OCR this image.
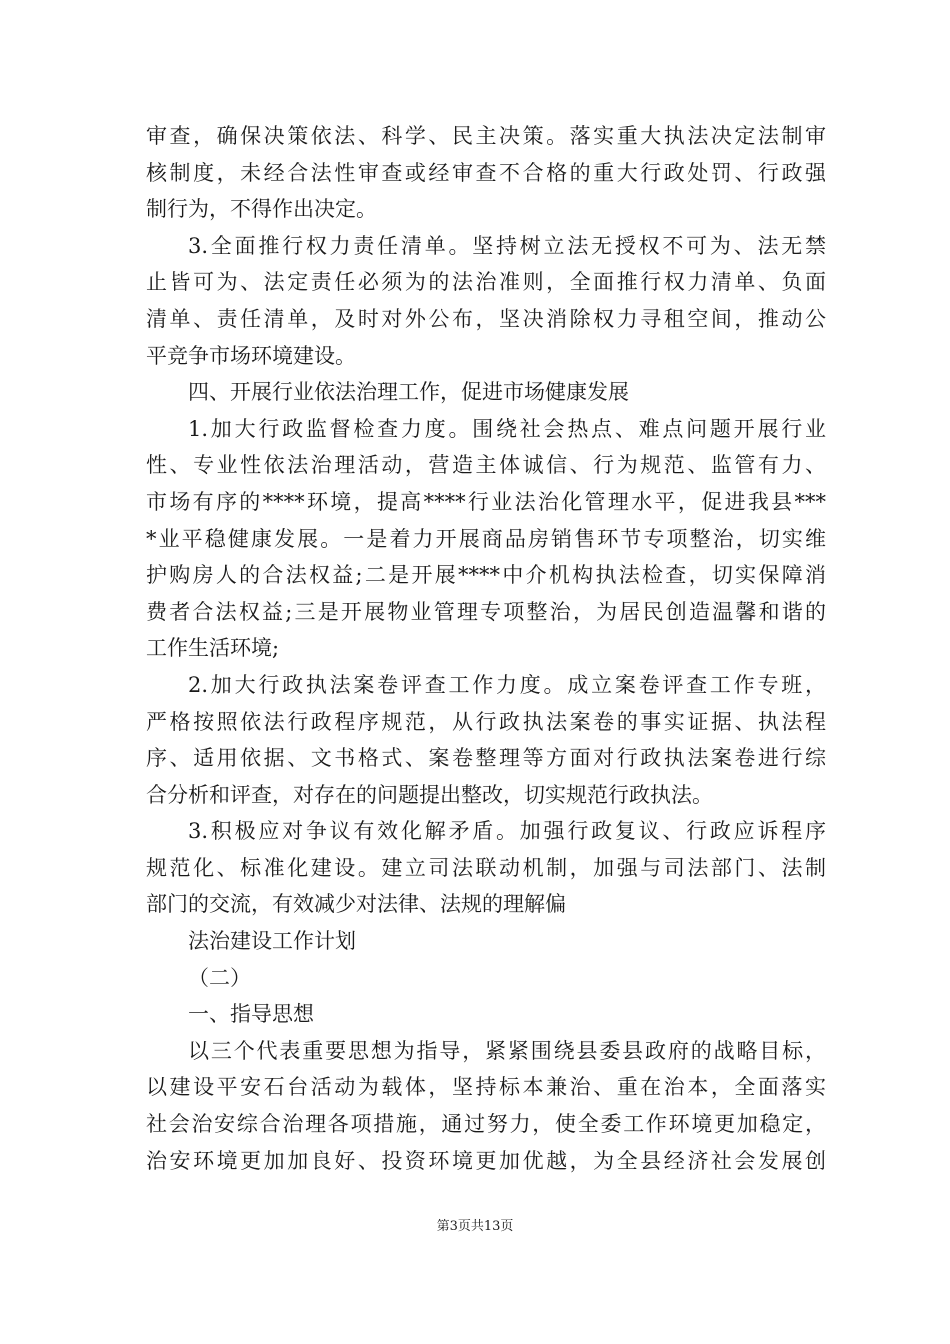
审查，确保决策依法、科学、民主决策。落实重大执法决定法制审
核制度，未经合法性审查或经审查不合格的重大行政处罚、行政强
制行为，不得作出决定。
3.全面推行权力责任清单。坚持树立法无授权不可为、法无禁
止皆可为、法定责任必须为的法治准则，全面推行权力清单、负面
清单、责任清单，及时对外公布，坚决消除权力寻租空间，推动公
平竞争市场环境建设。
四、开展行业依法治理工作，促进市场健康发展
1.加大行政监督检查力度。围绕社会热点、难点问题开展行业
性、专业性依法治理活动，营造主体诚信、行为规范、监管有力、
市场有序的****环境，提高****行业法治化管理水平，促进我县***
*业平稳健康发展。一是着力开展商品房销售环节专项整治，切实维
护购房人的合法权益;二是开展****中介机构执法检查，切实保障消
费者合法权益;三是开展物业管理专项整治，为居民创造温馨和谐的
工作生活环境;
2.加大行政执法案卷评查工作力度。成立案卷评查工作专班，
严格按照依法行政程序规范，从行政执法案卷的事实证据、执法程
序、适用依据、文书格式、案卷整理等方面对行政执法案卷进行综
合分析和评查，对存在的问题提出整改，切实规范行政执法。
3.积极应对争议有效化解矛盾。加强行政复议、行政应诉程序
规范化、标准化建设。建立司法联动机制，加强与司法部门、法制
部门的交流，有效减少对法律、法规的理解偏
法治建设工作计划
（二）
一、指导思想
以三个代表重要思想为指导，紧紧围绕县委县政府的战略目标，
以建设平安石台活动为载体，坚持标本兼治、重在治本，全面落实
社会治安综合治理各项措施，通过努力，使全委工作环境更加稳定，
治安环境更加加良好、投资环境更加优越，为全县经济社会发展创
第3页共13页
